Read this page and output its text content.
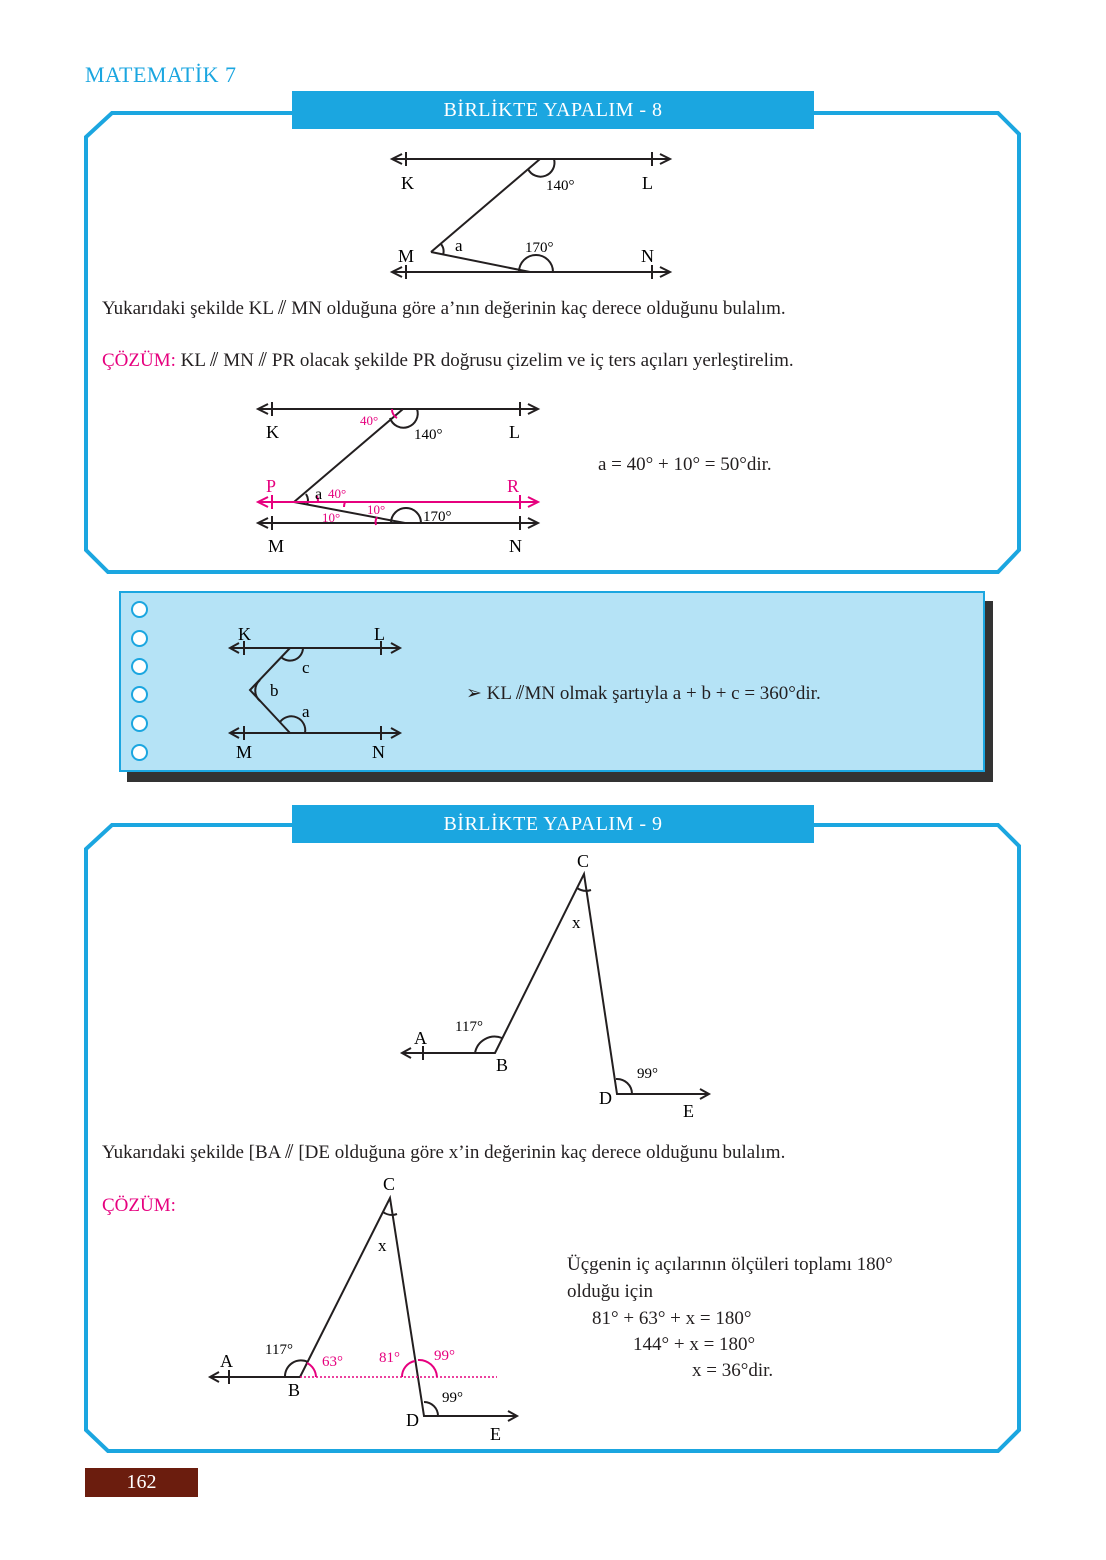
MATEMATİK 7
BİRLİKTE YAPALIM - 8
K	L
M	N
140°
170°
a
Yukarıdaki şekilde KL ⫽ MN olduğuna göre a’nın değerinin kaç derece olduğunu bulalım.
ÇÖZÜM: KL ⫽ MN ⫽ PR olacak şekilde PR doğrusu çizelim ve iç ters açıları yerleştirelim.
K	L
P	R
M	N
40°
140°
a 40°
10°
10°	170°
a = 40° + 10° = 50°dir.
K	L
M	N
c
b
a
➢ KL ⫽MN olmak şartıyla a + b + c = 360°dir.
BİRLİKTE YAPALIM - 9
C
x
A
117°
B	99°
D
E
Yukarıdaki şekilde [BA ⫽ [DE olduğuna göre x’in değerinin kaç derece olduğunu bulalım.
ÇÖZÜM:
C
x
A
117°
B
63° 81° 99°
99°
D
E
Üçgenin iç açılarının ölçüleri toplamı 180°
olduğu için
81° + 63° + x = 180°
144° + x = 180°
x = 36°dir.
162
